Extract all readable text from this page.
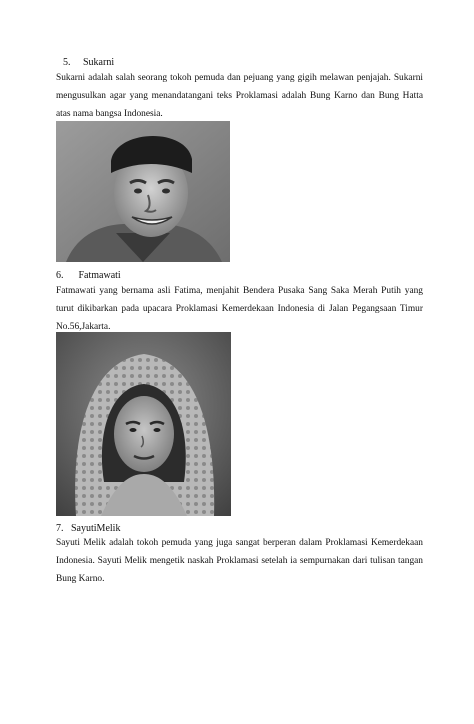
5. Sukarni
Sukarni adalah salah seorang tokoh pemuda dan pejuang yang gigih melawan penjajah. Sukarni
mengusulkan agar yang menandatangani teks Proklamasi adalah Bung Karno dan Bung Hatta
atas nama bangsa Indonesia.
6. Fatmawati
Fatmawati yang bernama asli Fatima, menjahit Bendera Pusaka Sang Saka Merah Putih yang
turut dikibarkan pada upacara Proklamasi Kemerdekaan Indonesia di Jalan Pegangsaan Timur
No.56,Jakarta.
7. SayutiMelik
Sayuti Melik adalah tokoh pemuda yang juga sangat berperan dalam Proklamasi Kemerdekaan
Indonesia. Sayuti Melik mengetik naskah Proklamasi setelah ia sempurnakan dari tulisan tangan
Bung Karno.
